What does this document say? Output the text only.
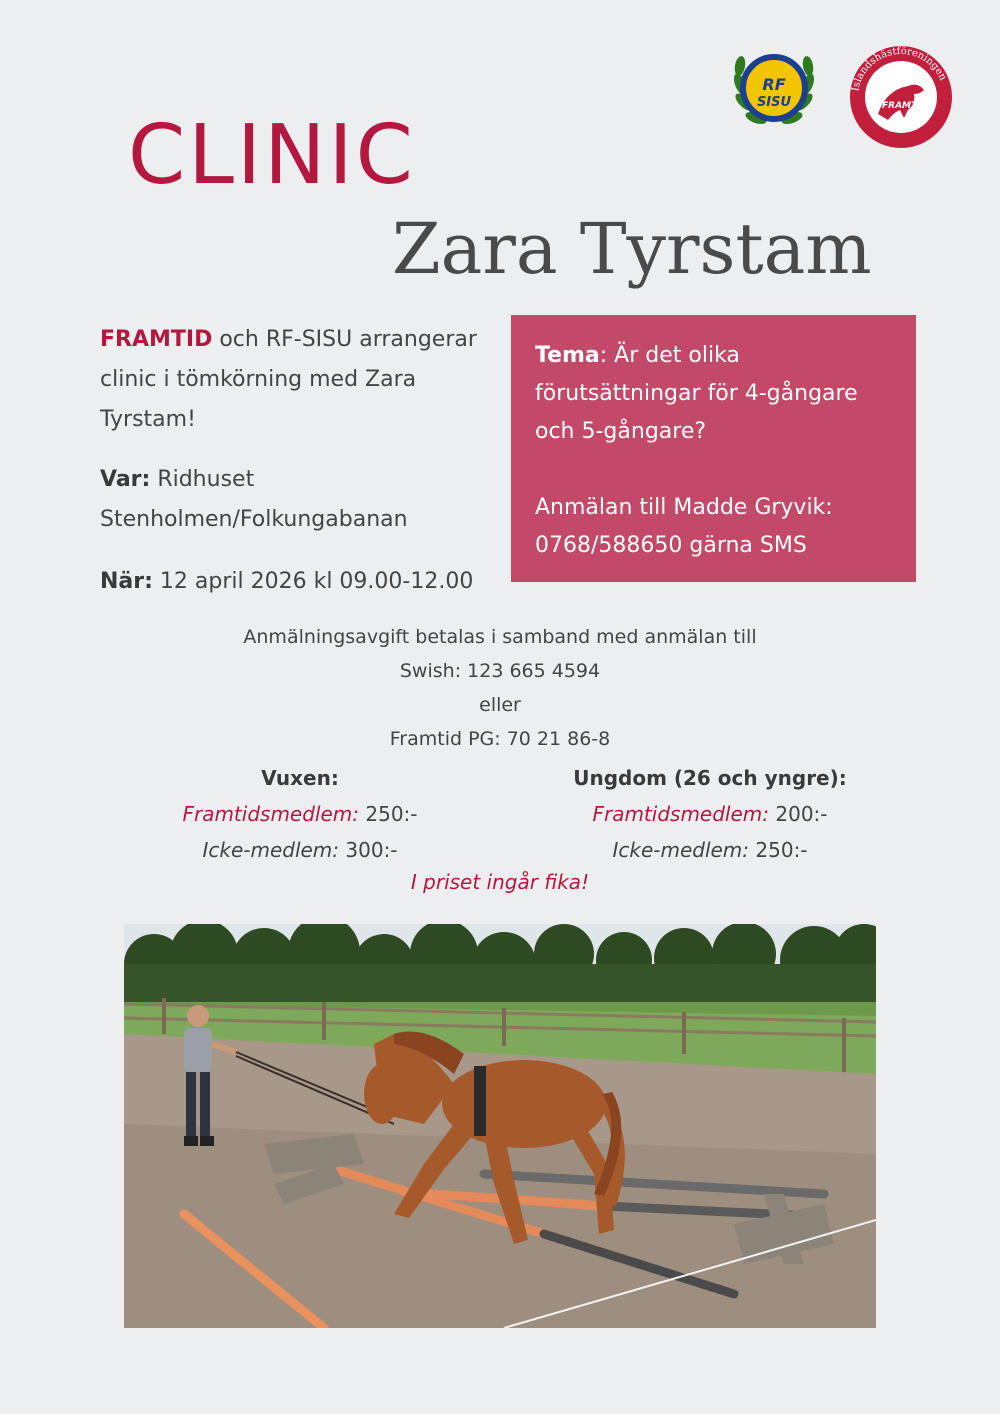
RF
SISU
Islandshästföreningen
FRAMTID
CLINIC
Zara Tyrstam
FRAMTID och RF-SISU arrangerar clinic i tömkörning med Zara Tyrstam!
Var: Ridhuset Stenholmen/Folkungabanan
När: 12 april 2026 kl 09.00-12.00
Tema: Är det olika förutsättningar för 4-gångare och 5-gångare?
Anmälan till Madde Gryvik:
0768/588650 gärna SMS
Anmälningsavgift betalas i samband med anmälan till
Swish: 123 665 4594
eller
Framtid PG: 70 21 86-8
Vuxen:
Framtidsmedlem: 250:-
Icke-medlem: 300:-
Ungdom (26 och yngre):
Framtidsmedlem: 200:-
Icke-medlem: 250:-
I priset ingår fika!
